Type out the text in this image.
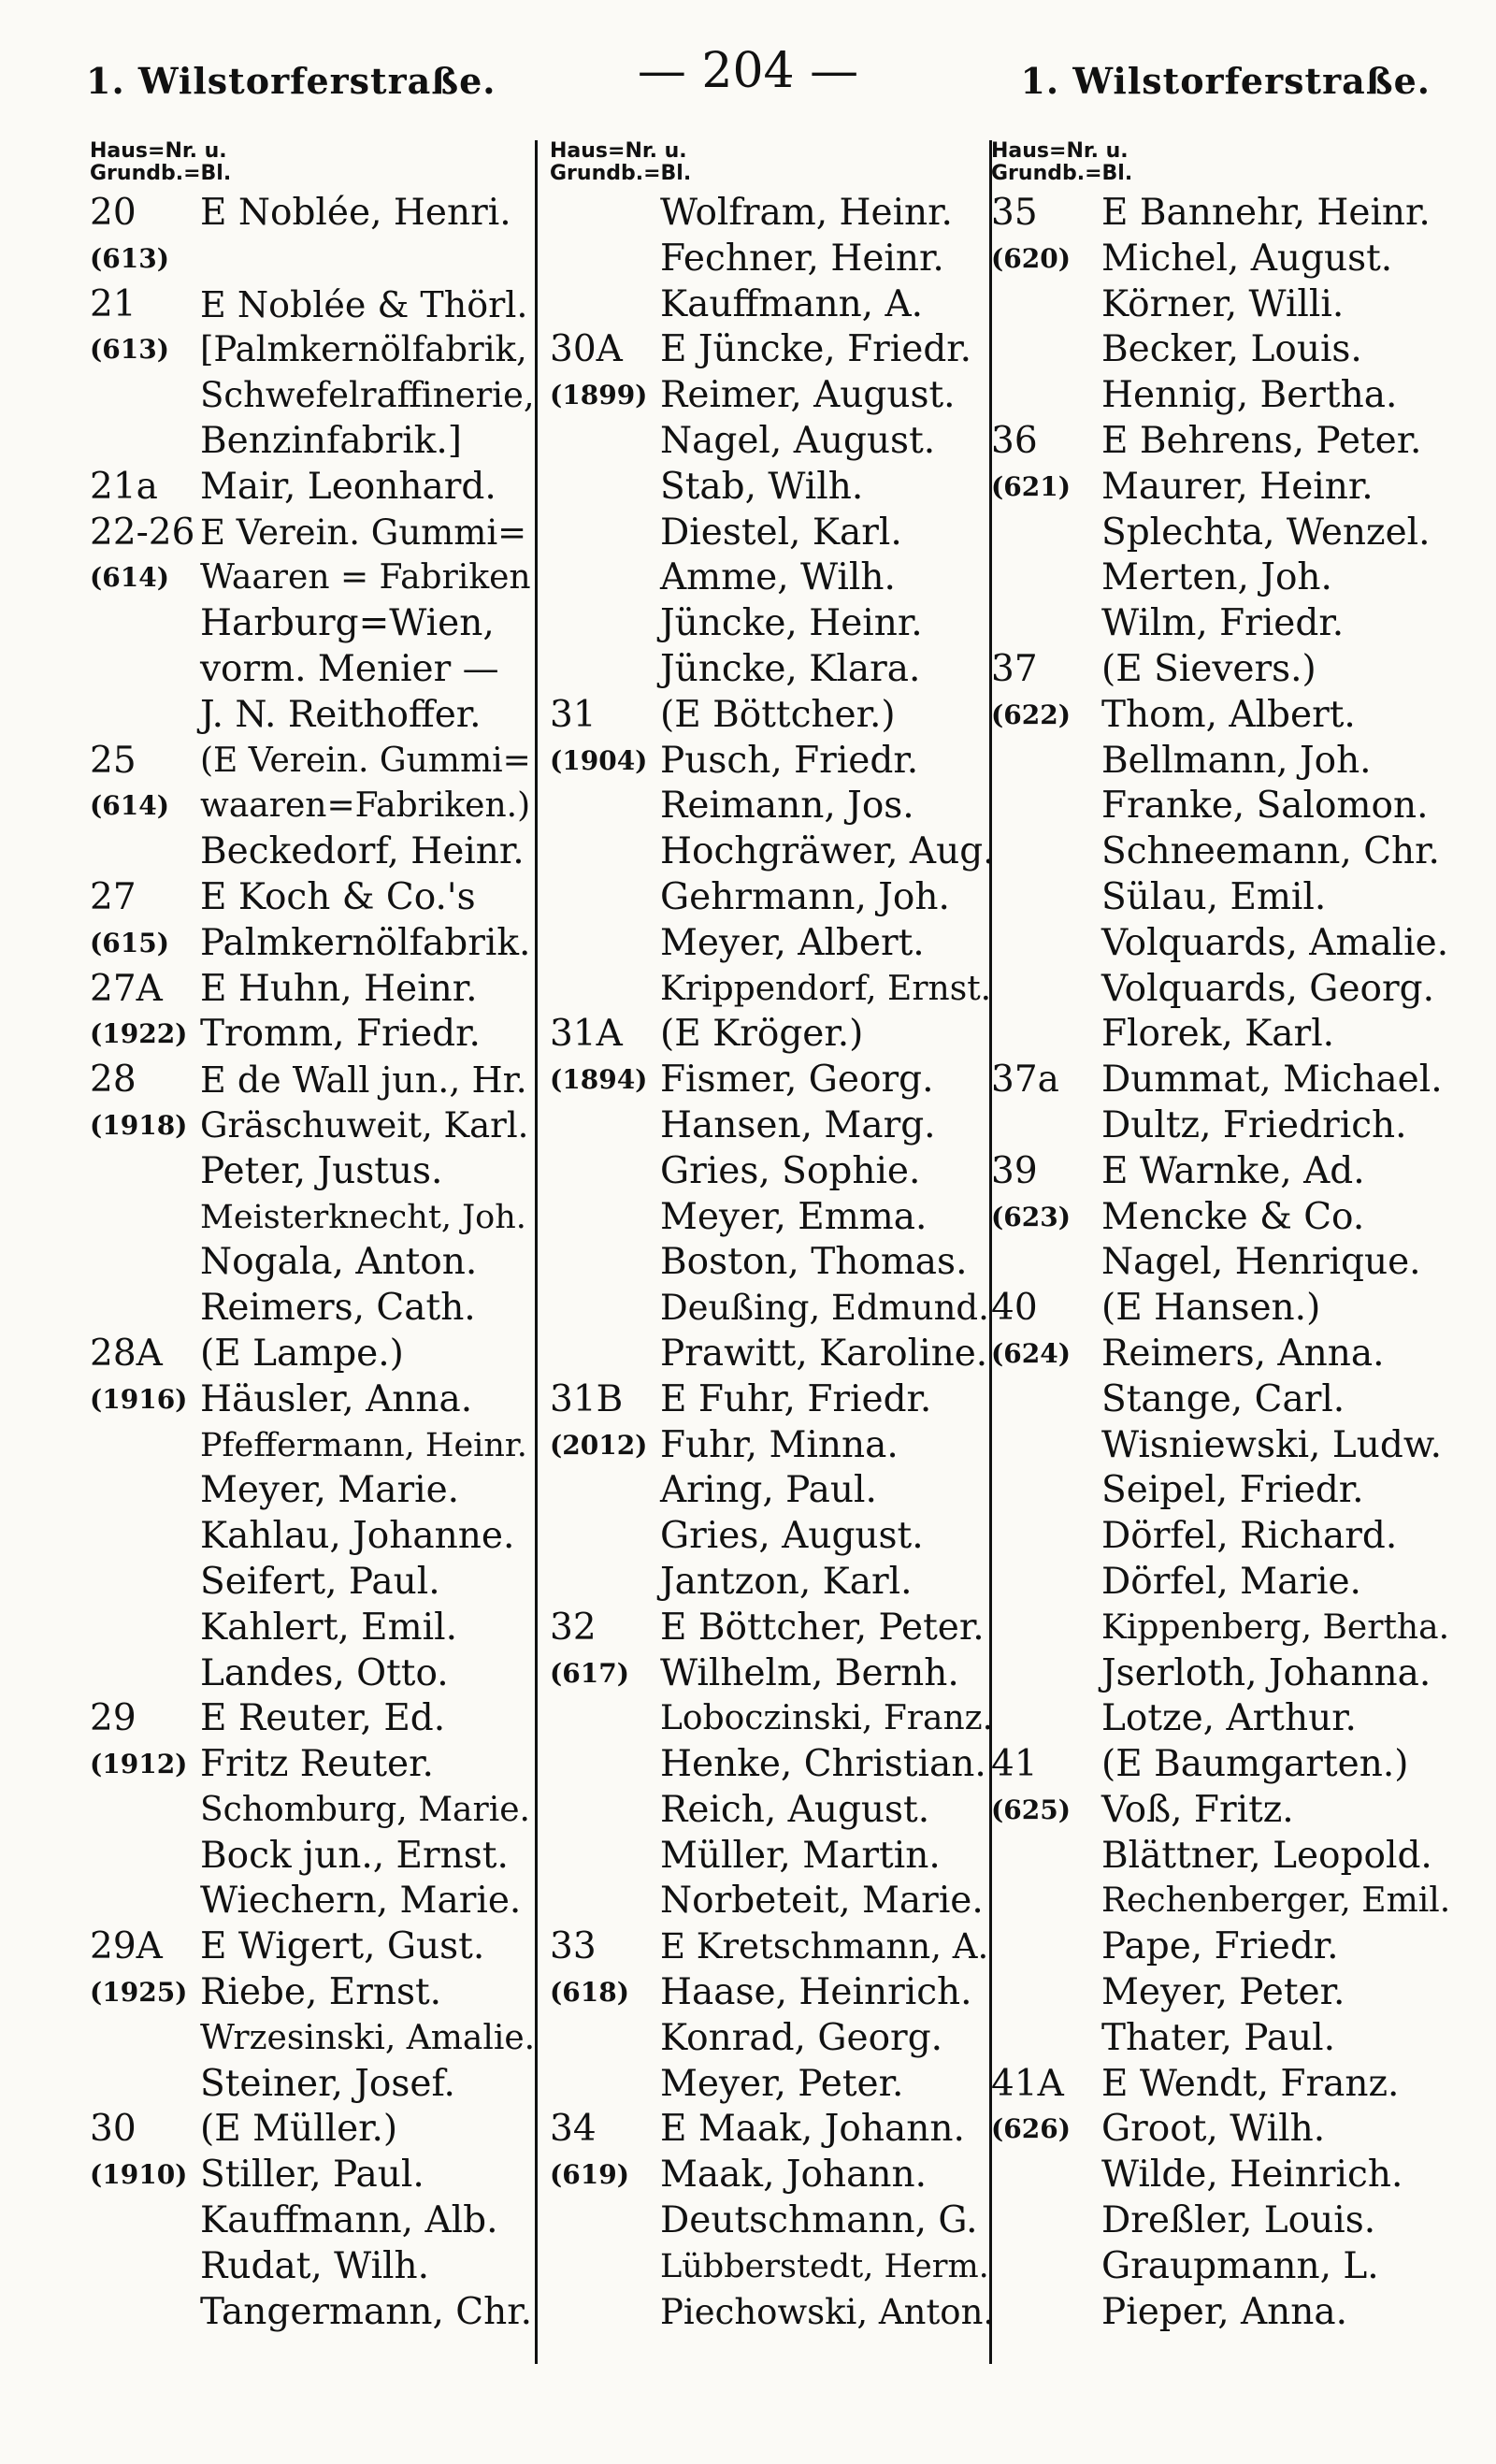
1. Wilstorferstraße.	— 204 —	1. Wilstorferstraße.
Haus=Nr. u.
Grundb.=Bl.
20 E Noblée, Henri.
(613)
21 E Noblée & Thörl.
(613) [Palmkernölfabrik,
Schwefelraffinerie,
Benzinfabrik.]
21a Mair, Leonhard.
22-26 E Verein. Gummi=
(614) Waaren = Fabriken
Harburg=Wien,
vorm. Menier —
J. N. Reithoffer.
25 (E Verein. Gummi=
(614) waaren=Fabriken.)
Beckedorf, Heinr.
27 E Koch & Co.'s
(615) Palmkernölfabrik.
27A E Huhn, Heinr.
(1922) Tromm, Friedr.
28 E de Wall jun., Hr.
(1918) Gräschuweit, Karl.
Peter, Justus.
Meisterknecht, Joh.
Nogala, Anton.
Reimers, Cath.
28A (E Lampe.)
(1916) Häusler, Anna.
Pfeffermann, Heinr.
Meyer, Marie.
Kahlau, Johanne.
Seifert, Paul.
Kahlert, Emil.
Landes, Otto.
29 E Reuter, Ed.
(1912) Fritz Reuter.
Schomburg, Marie.
Bock jun., Ernst.
Wiechern, Marie.
29A E Wigert, Gust.
(1925) Riebe, Ernst.
Wrzesinski, Amalie.
Steiner, Josef.
30 (E Müller.)
(1910) Stiller, Paul.
Kauffmann, Alb.
Rudat, Wilh.
Tangermann, Chr.
Haus=Nr. u.
Grundb.=Bl.
Wolfram, Heinr.
Fechner, Heinr.
Kauffmann, A.
30A E Jüncke, Friedr.
(1899) Reimer, August.
Nagel, August.
Stab, Wilh.
Diestel, Karl.
Amme, Wilh.
Jüncke, Heinr.
Jüncke, Klara.
31 (E Böttcher.)
(1904) Pusch, Friedr.
Reimann, Jos.
Hochgräwer, Aug.
Gehrmann, Joh.
Meyer, Albert.
Krippendorf, Ernst.
31A (E Kröger.)
(1894) Fismer, Georg.
Hansen, Marg.
Gries, Sophie.
Meyer, Emma.
Boston, Thomas.
Deußing, Edmund.
Prawitt, Karoline.
31B E Fuhr, Friedr.
(2012) Fuhr, Minna.
Aring, Paul.
Gries, August.
Jantzon, Karl.
32 E Böttcher, Peter.
(617) Wilhelm, Bernh.
Loboczinski, Franz.
Henke, Christian.
Reich, August.
Müller, Martin.
Norbeteit, Marie.
33 E Kretschmann, A.
(618) Haase, Heinrich.
Konrad, Georg.
Meyer, Peter.
34 E Maak, Johann.
(619) Maak, Johann.
Deutschmann, G.
Lübberstedt, Herm.
Piechowski, Anton.
Haus=Nr. u.
Grundb.=Bl.
35 E Bannehr, Heinr.
(620) Michel, August.
Körner, Willi.
Becker, Louis.
Hennig, Bertha.
36 E Behrens, Peter.
(621) Maurer, Heinr.
Splechta, Wenzel.
Merten, Joh.
Wilm, Friedr.
37 (E Sievers.)
(622) Thom, Albert.
Bellmann, Joh.
Franke, Salomon.
Schneemann, Chr.
Sülau, Emil.
Volquards, Amalie.
Volquards, Georg.
Florek, Karl.
37a Dummat, Michael.
Dultz, Friedrich.
39 E Warnke, Ad.
(623) Mencke & Co.
Nagel, Henrique.
40 (E Hansen.)
(624) Reimers, Anna.
Stange, Carl.
Wisniewski, Ludw.
Seipel, Friedr.
Dörfel, Richard.
Dörfel, Marie.
Kippenberg, Bertha.
Jserloth, Johanna.
Lotze, Arthur.
41 (E Baumgarten.)
(625) Voß, Fritz.
Blättner, Leopold.
Rechenberger, Emil.
Pape, Friedr.
Meyer, Peter.
Thater, Paul.
41A E Wendt, Franz.
(626) Groot, Wilh.
Wilde, Heinrich.
Dreßler, Louis.
Graupmann, L.
Pieper, Anna.
